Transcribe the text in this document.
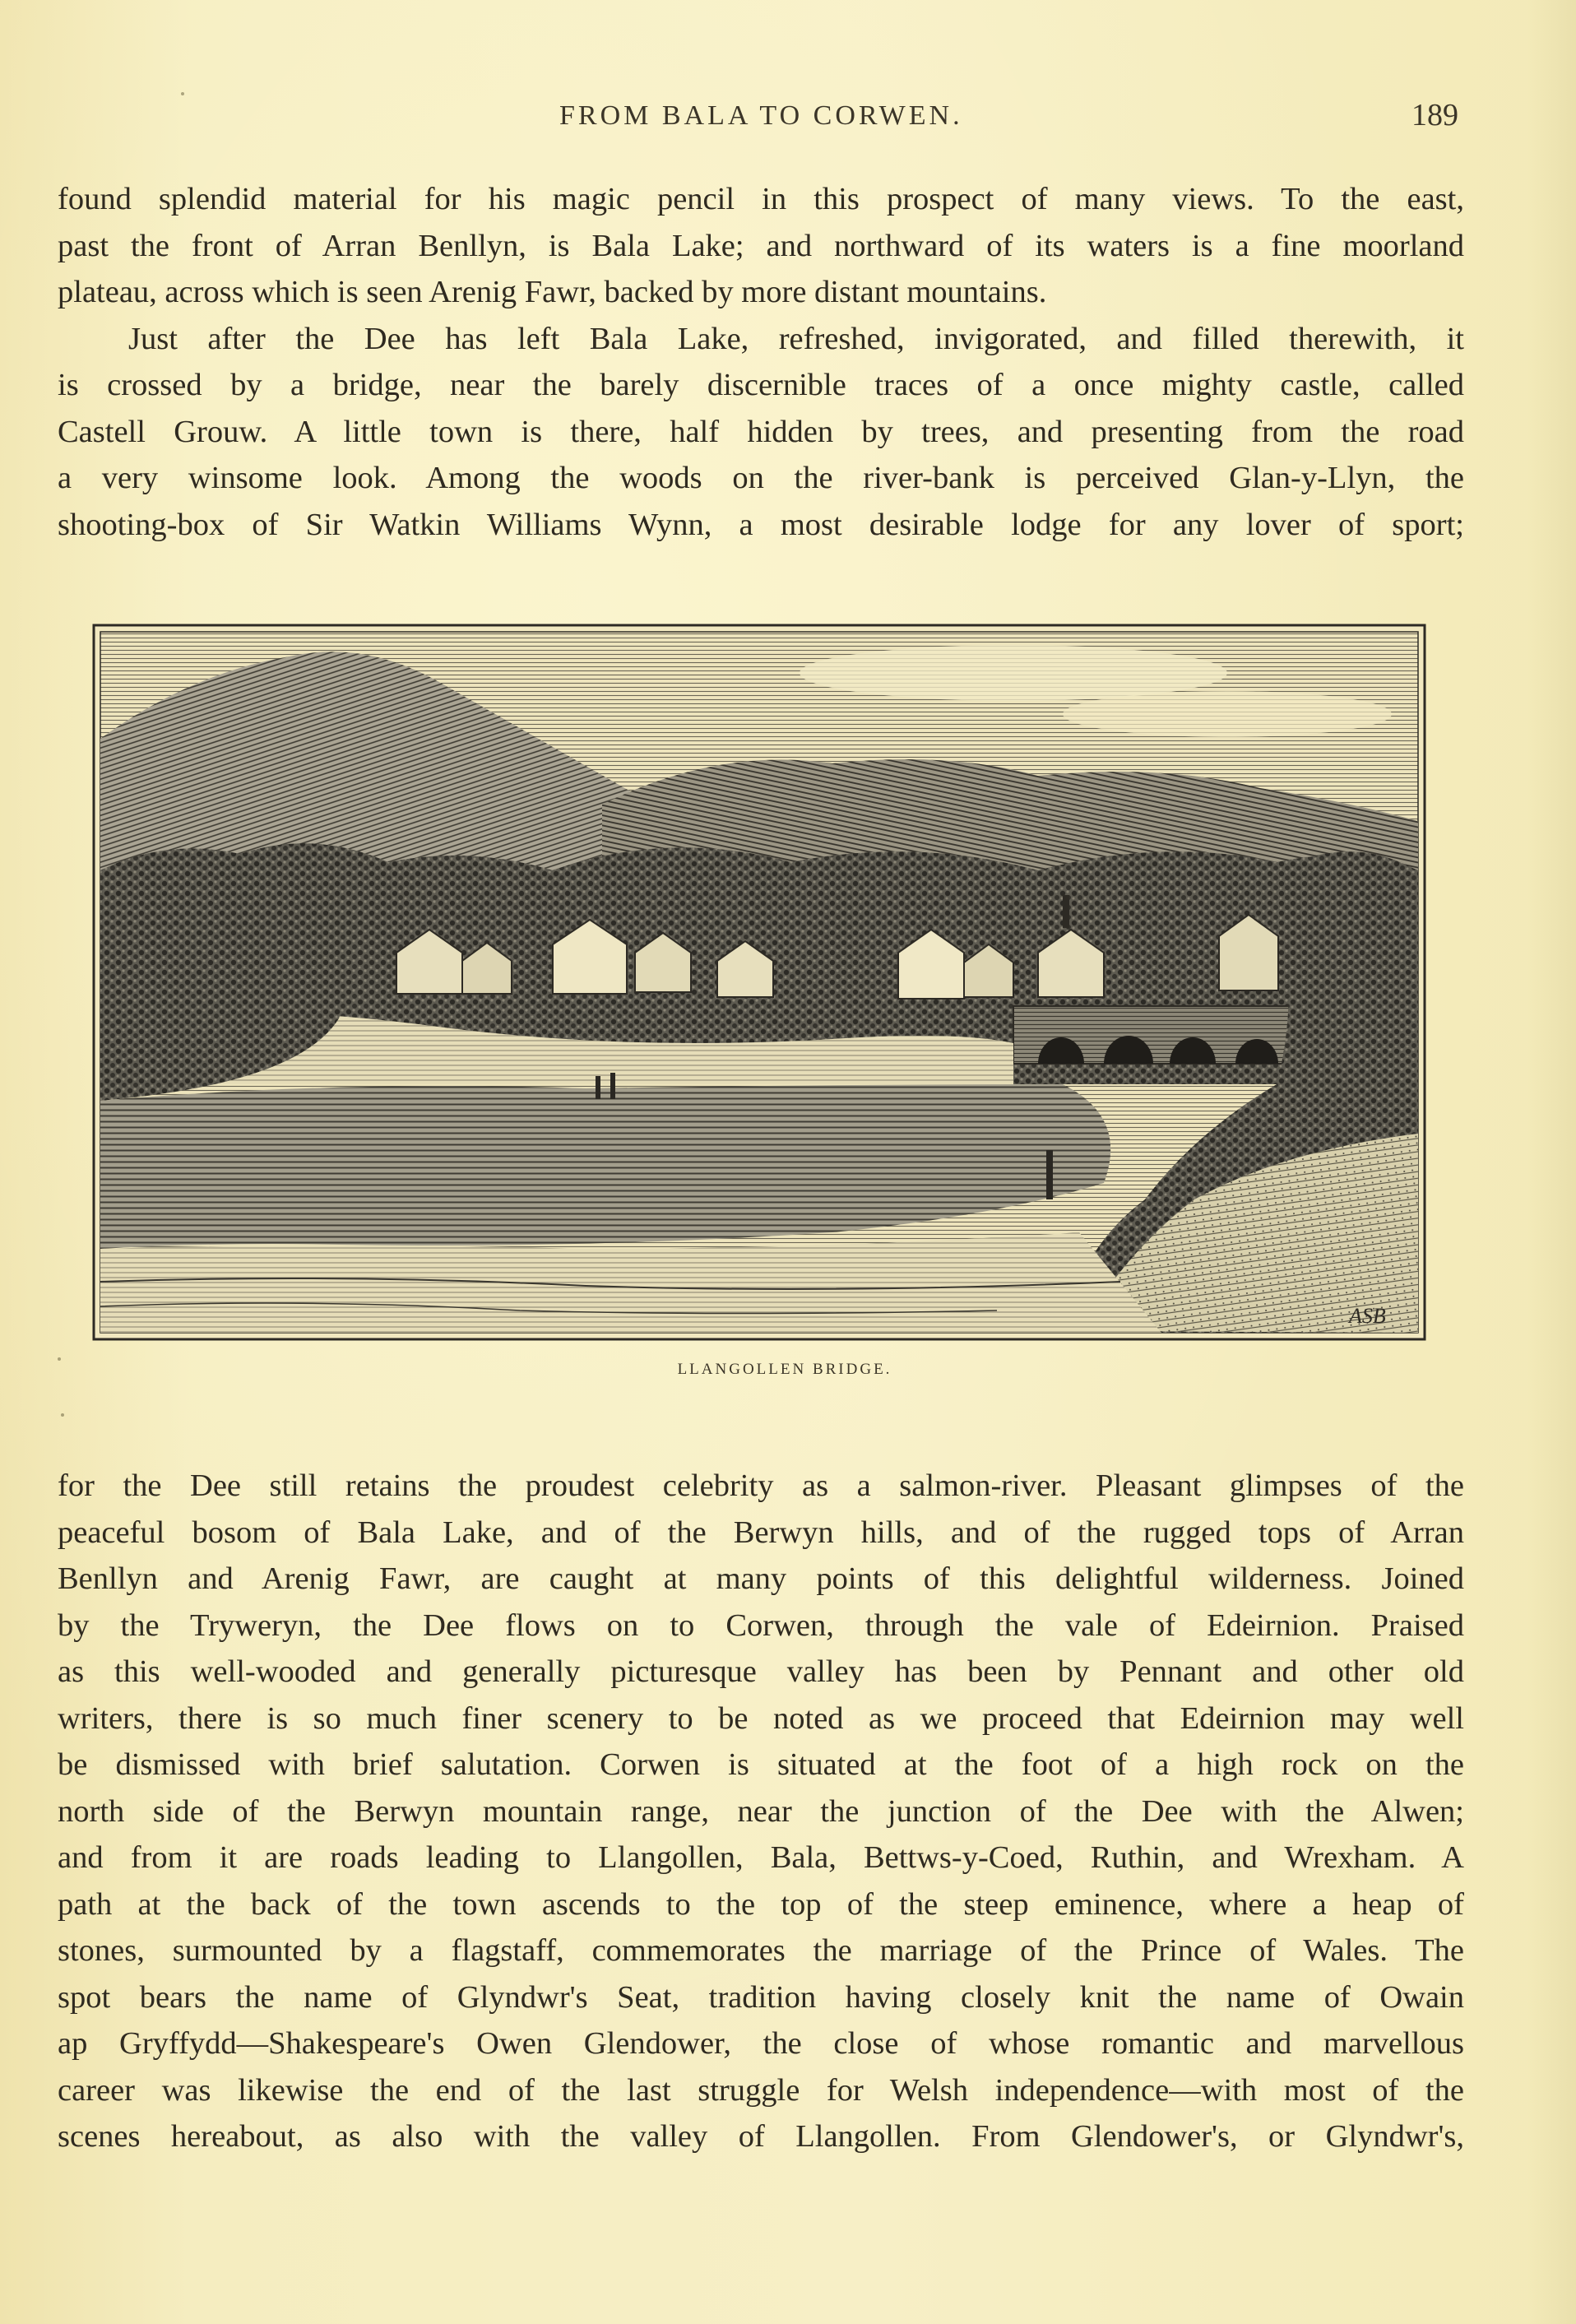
FROM BALA TO CORWEN.	189

found splendid material for his magic pencil in this prospect of many views. To the east,
past the front of Arran Benllyn, is Bala Lake; and northward of its waters is a fine moorland
plateau, across which is seen Arenig Fawr, backed by more distant mountains.

Just after the Dee has left Bala Lake, refreshed, invigorated, and filled therewith, it
is crossed by a bridge, near the barely discernible traces of a once mighty castle, called
Castell Grouw. A little town is there, half hidden by trees, and presenting from the road
a very winsome look. Among the woods on the river-bank is perceived Glan-y-Llyn, the
shooting-box of Sir Watkin Williams Wynn, a most desirable lodge for any lover of sport;

ASB
LLANGOLLEN BRIDGE.

for the Dee still retains the proudest celebrity as a salmon-river. Pleasant glimpses of the
peaceful bosom of Bala Lake, and of the Berwyn hills, and of the rugged tops of Arran
Benllyn and Arenig Fawr, are caught at many points of this delightful wilderness. Joined
by the Tryweryn, the Dee flows on to Corwen, through the vale of Edeirnion. Praised
as this well-wooded and generally picturesque valley has been by Pennant and other old
writers, there is so much finer scenery to be noted as we proceed that Edeirnion may well
be dismissed with brief salutation. Corwen is situated at the foot of a high rock on the
north side of the Berwyn mountain range, near the junction of the Dee with the Alwen;
and from it are roads leading to Llangollen, Bala, Bettws-y-Coed, Ruthin, and Wrexham. A
path at the back of the town ascends to the top of the steep eminence, where a heap of
stones, surmounted by a flagstaff, commemorates the marriage of the Prince of Wales. The
spot bears the name of Glyndwr's Seat, tradition having closely knit the name of Owain
ap Gryffydd—Shakespeare's Owen Glendower, the close of whose romantic and marvellous
career was likewise the end of the last struggle for Welsh independence—with most of the
scenes hereabout, as also with the valley of Llangollen. From Glendower's, or Glyndwr's,
